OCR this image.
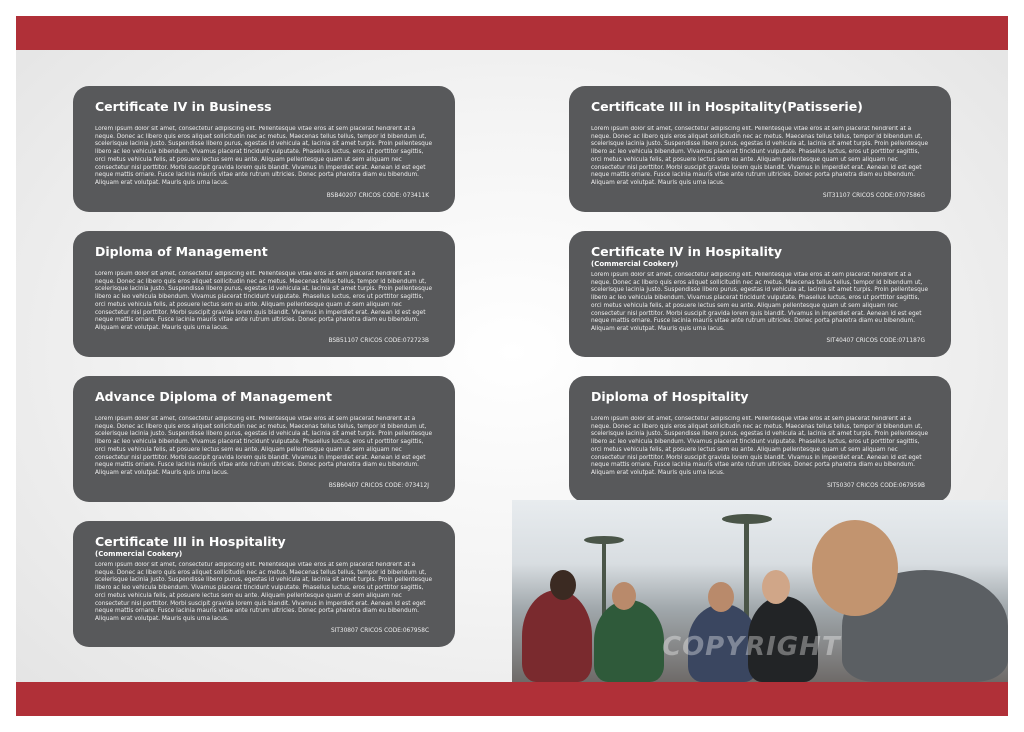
Certificate IV in Business
Lorem ipsum dolor sit amet, consectetur adipiscing elit. Pellentesque vitae eros at sem placerat hendrerit at a neque. Donec ac libero quis eros aliquet sollicitudin nec ac metus. Maecenas tellus tellus, tempor id bibendum ut, scelerisque lacinia justo. Suspendisse libero purus, egestas id vehicula at, lacinia sit amet turpis. Proin pellentesque libero ac leo vehicula bibendum. Vivamus placerat tincidunt vulputate. Phasellus luctus, eros ut porttitor sagittis, orci metus vehicula felis, at posuere lectus sem eu ante. Aliquam pellentesque quam ut sem aliquam nec consectetur nisl porttitor. Morbi suscipit gravida lorem quis blandit. Vivamus in imperdiet erat. Aenean id est eget neque mattis ornare. Fusce lacinia mauris vitae ante rutrum ultricies. Donec porta pharetra diam eu bibendum. Aliquam erat volutpat. Mauris quis urna lacus.
BSB40207 CRICOS CODE: 073411K
Diploma of Management
Lorem ipsum dolor sit amet, consectetur adipiscing elit. Pellentesque vitae eros at sem placerat hendrerit at a neque. Donec ac libero quis eros aliquet sollicitudin nec ac metus. Maecenas tellus tellus, tempor id bibendum ut, scelerisque lacinia justo. Suspendisse libero purus, egestas id vehicula at, lacinia sit amet turpis. Proin pellentesque libero ac leo vehicula bibendum. Vivamus placerat tincidunt vulputate. Phasellus luctus, eros ut porttitor sagittis, orci metus vehicula felis, at posuere lectus sem eu ante. Aliquam pellentesque quam ut sem aliquam nec consectetur nisl porttitor. Morbi suscipit gravida lorem quis blandit. Vivamus in imperdiet erat. Aenean id est eget neque mattis ornare. Fusce lacinia mauris vitae ante rutrum ultricies. Donec porta pharetra diam eu bibendum. Aliquam erat volutpat. Mauris quis urna lacus.
BSB51107 CRICOS CODE:072723B
Advance Diploma of Management
Lorem ipsum dolor sit amet, consectetur adipiscing elit. Pellentesque vitae eros at sem placerat hendrerit at a neque. Donec ac libero quis eros aliquet sollicitudin nec ac metus. Maecenas tellus tellus, tempor id bibendum ut, scelerisque lacinia justo. Suspendisse libero purus, egestas id vehicula at, lacinia sit amet turpis. Proin pellentesque libero ac leo vehicula bibendum. Vivamus placerat tincidunt vulputate. Phasellus luctus, eros ut porttitor sagittis, orci metus vehicula felis, at posuere lectus sem eu ante. Aliquam pellentesque quam ut sem aliquam nec consectetur nisl porttitor. Morbi suscipit gravida lorem quis blandit. Vivamus in imperdiet erat. Aenean id est eget neque mattis ornare. Fusce lacinia mauris vitae ante rutrum ultricies. Donec porta pharetra diam eu bibendum. Aliquam erat volutpat. Mauris quis urna lacus.
BSB60407 CRICOS CODE: 073412J
Certificate III in Hospitality
(Commercial Cookery)
Lorem ipsum dolor sit amet, consectetur adipiscing elit. Pellentesque vitae eros at sem placerat hendrerit at a neque. Donec ac libero quis eros aliquet sollicitudin nec ac metus. Maecenas tellus tellus, tempor id bibendum ut, scelerisque lacinia justo. Suspendisse libero purus, egestas id vehicula at, lacinia sit amet turpis. Proin pellentesque libero ac leo vehicula bibendum. Vivamus placerat tincidunt vulputate. Phasellus luctus, eros ut porttitor sagittis, orci metus vehicula felis, at posuere lectus sem eu ante. Aliquam pellentesque quam ut sem aliquam nec consectetur nisl porttitor. Morbi suscipit gravida lorem quis blandit. Vivamus in imperdiet erat. Aenean id est eget neque mattis ornare. Fusce lacinia mauris vitae ante rutrum ultricies. Donec porta pharetra diam eu bibendum. Aliquam erat volutpat. Mauris quis urna lacus.
SIT30807 CRICOS CODE:067958C
Certificate III in Hospitality(Patisserie)
Lorem ipsum dolor sit amet, consectetur adipiscing elit. Pellentesque vitae eros at sem placerat hendrerit at a neque. Donec ac libero quis eros aliquet sollicitudin nec ac metus. Maecenas tellus tellus, tempor id bibendum ut, scelerisque lacinia justo. Suspendisse libero purus, egestas id vehicula at, lacinia sit amet turpis. Proin pellentesque libero ac leo vehicula bibendum. Vivamus placerat tincidunt vulputate. Phasellus luctus, eros ut porttitor sagittis, orci metus vehicula felis, at posuere lectus sem eu ante. Aliquam pellentesque quam ut sem aliquam nec consectetur nisl porttitor. Morbi suscipit gravida lorem quis blandit. Vivamus in imperdiet erat. Aenean id est eget neque mattis ornare. Fusce lacinia mauris vitae ante rutrum ultricies. Donec porta pharetra diam eu bibendum. Aliquam erat volutpat. Mauris quis urna lacus.
SIT31107 CRICOS CODE:0707586G
Certificate IV in Hospitality
(Commercial Cookery)
Lorem ipsum dolor sit amet, consectetur adipiscing elit. Pellentesque vitae eros at sem placerat hendrerit at a neque. Donec ac libero quis eros aliquet sollicitudin nec ac metus. Maecenas tellus tellus, tempor id bibendum ut, scelerisque lacinia justo. Suspendisse libero purus, egestas id vehicula at, lacinia sit amet turpis. Proin pellentesque libero ac leo vehicula bibendum. Vivamus placerat tincidunt vulputate. Phasellus luctus, eros ut porttitor sagittis, orci metus vehicula felis, at posuere lectus sem eu ante. Aliquam pellentesque quam ut sem aliquam nec consectetur nisl porttitor. Morbi suscipit gravida lorem quis blandit. Vivamus in imperdiet erat. Aenean id est eget neque mattis ornare. Fusce lacinia mauris vitae ante rutrum ultricies. Donec porta pharetra diam eu bibendum. Aliquam erat volutpat. Mauris quis urna lacus.
SIT40407 CRICOS CODE:071187G
Diploma of Hospitality
Lorem ipsum dolor sit amet, consectetur adipiscing elit. Pellentesque vitae eros at sem placerat hendrerit at a neque. Donec ac libero quis eros aliquet sollicitudin nec ac metus. Maecenas tellus tellus, tempor id bibendum ut, scelerisque lacinia justo. Suspendisse libero purus, egestas id vehicula at, lacinia sit amet turpis. Proin pellentesque libero ac leo vehicula bibendum. Vivamus placerat tincidunt vulputate. Phasellus luctus, eros ut porttitor sagittis, orci metus vehicula felis, at posuere lectus sem eu ante. Aliquam pellentesque quam ut sem aliquam nec consectetur nisl porttitor. Morbi suscipit gravida lorem quis blandit. Vivamus in imperdiet erat. Aenean id est eget neque mattis ornare. Fusce lacinia mauris vitae ante rutrum ultricies. Donec porta pharetra diam eu bibendum. Aliquam erat volutpat. Mauris quis urna lacus.
SIT50307 CRICOS CODE:067959B
COPYRIGHT
